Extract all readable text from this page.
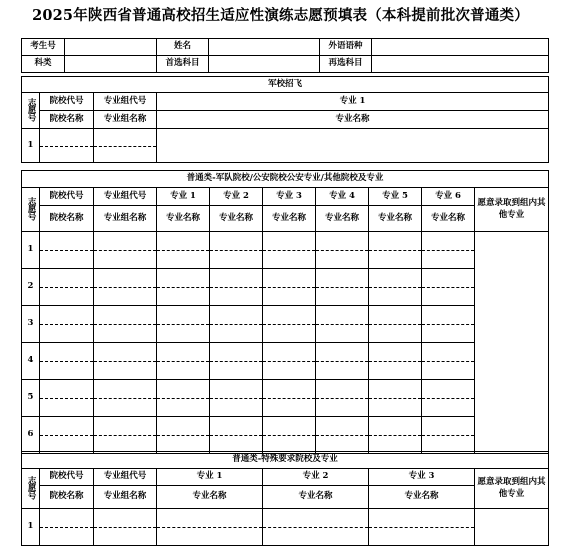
2025年陕西省普通高校招生适应性演练志愿预填表（本科提前批次普通类）
考生号		姓名		外语语种	
科类		首选科目		再选科目	
军校招飞			
志愿号	院校代号	专业组代号	专业 1
	院校名称	专业组名称	专业名称
1			
普通类-军队院校/公安院校公安专业/其他院校及专业									
志愿号	院校代号	专业组代号	专业 1	专业 2	专业 3	专业 4	专业 5	专业 6	愿意录取到组内其他专业
	院校名称	专业组名称	专业名称	专业名称	专业名称	专业名称	专业名称	专业名称	
1									
2									
3									
4									
5									
6									
普通类-特殊要求院校及专业						
志愿号	院校代号	专业组代号	专业 1	专业 2	专业 3	愿意录取到组内其他专业
	院校名称	专业组名称	专业名称	专业名称	专业名称	
1						
